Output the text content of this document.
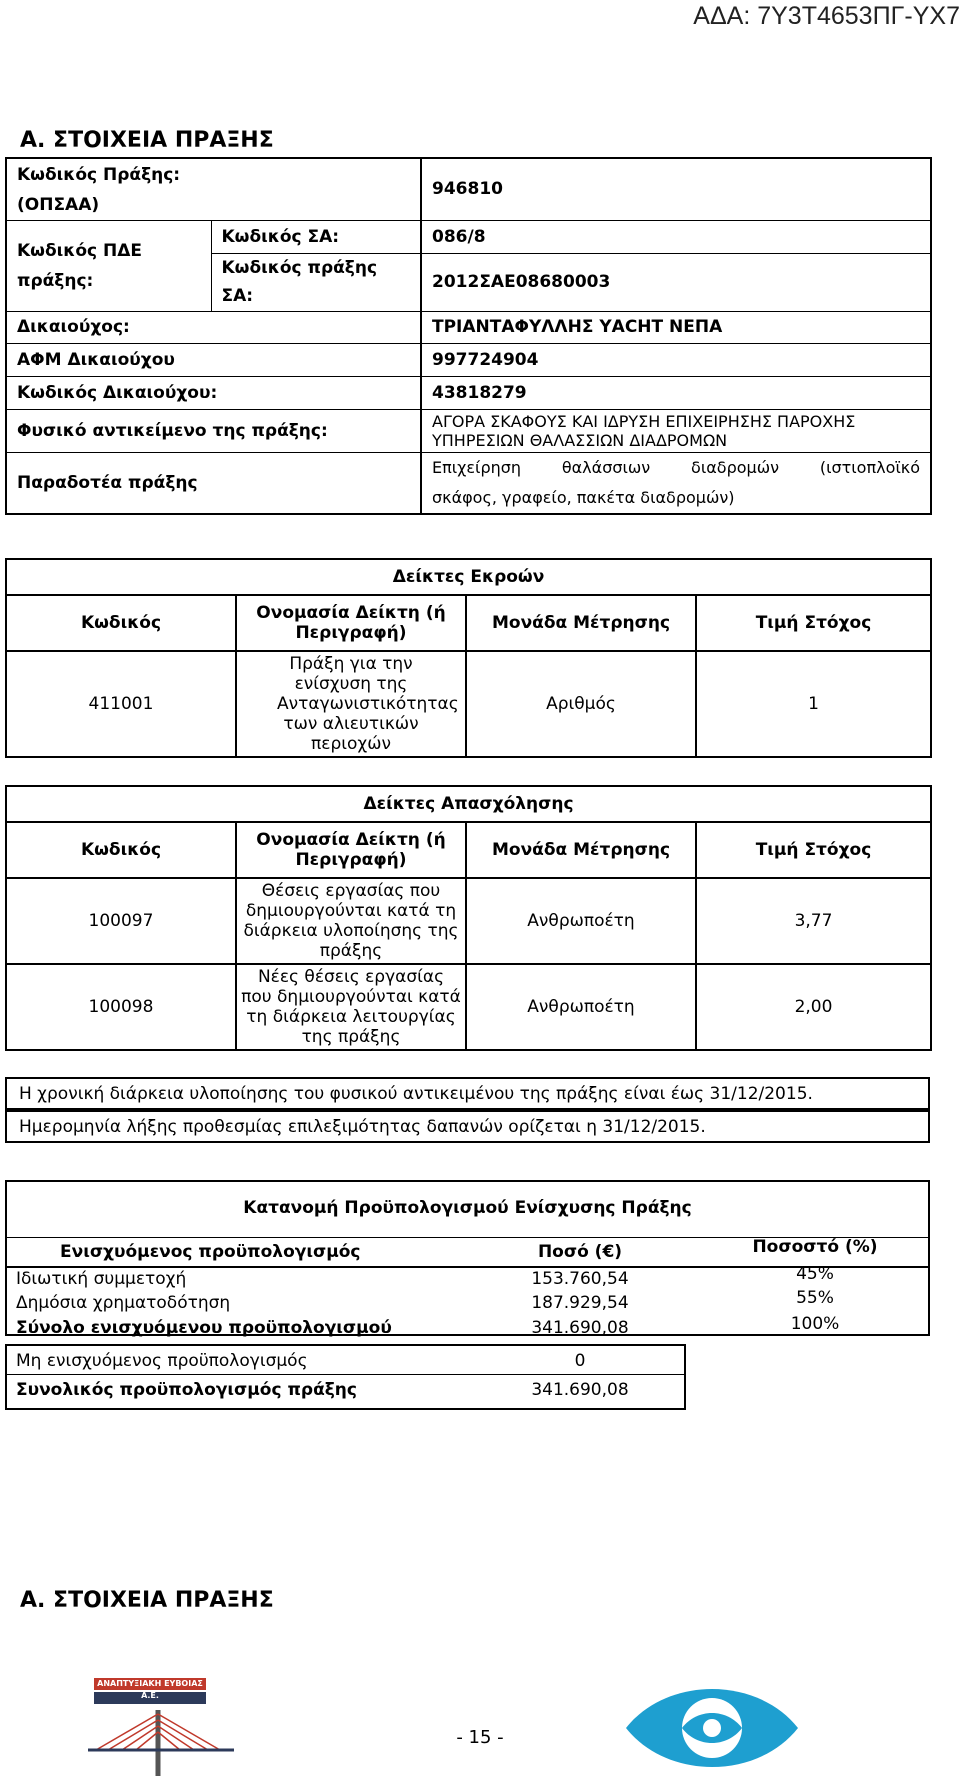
ΑΔΑ: 7Υ3Τ4653ΠΓ-ΥΧ7
Α. ΣΤΟΙΧΕΙΑ ΠΡΑΞΗΣ
Κωδικός Πράξης:		946810
(ΟΠΣΑΑ)		

Κωδικός ΠΔΕ
πράξης:	Κωδικός ΣΑ:	086/8

	Κωδικός πράξης
ΣΑ:	2012ΣΑΕ08680003
Δικαιούχος:		ΤΡΙΑΝΤΑΦΥΛΛΗΣ ΥΑCHT ΝΕΠΑ
ΑΦΜ Δικαιούχου		997724904
Κωδικός Δικαιούχου:		43818279
Φυσικό αντικείμενο της πράξης:		ΑΓΟΡΑ ΣΚΑΦΟΥΣ ΚΑΙ ΙΔΡΥΣΗ ΕΠΙΧΕΙΡΗΣΗΣ ΠΑΡΟΧΗΣ
ΥΠΗΡΕΣΙΩΝ ΘΑΛΑΣΣΙΩΝ ΔΙΑΔΡΟΜΩΝ

Παραδοτέα πράξης		Επιχείρηση θαλάσσιων διαδρομών (ιστιοπλοϊκό
σκάφος, γραφείο, πακέτα διαδρομών)
Δείκτες Εκροών			
Κωδικός	Ονομασία Δείκτη (ή Περιγραφή)	Μονάδα Μέτρησης	Τιμή Στόχος
411001	Πράξη για την ενίσχυση της Ανταγωνιστικότητας των αλιευτικών περιοχών	Αριθμός	1
Δείκτες Απασχόλησης			
Κωδικός	Ονομασία Δείκτη (ή Περιγραφή)	Μονάδα Μέτρησης	Τιμή Στόχος
100097	Θέσεις εργασίας που δημιουργούνται κατά τη διάρκεια υλοποίησης της πράξης	Ανθρωποέτη	3,77
100098	Νέες θέσεις εργασίας που δημιουργούνται κατά τη διάρκεια λειτουργίας της πράξης	Ανθρωποέτη	2,00
Η χρονική διάρκεια υλοποίησης του φυσικού αντικειμένου της πράξης είναι έως 31/12/2015.
Ημερομηνία λήξης προθεσμίας επιλεξιμότητας δαπανών ορίζεται η 31/12/2015.
Κατανομή Προϋπολογισμού Ενίσχυσης Πράξης
Ενισχυόμενος προϋπολογισμός	Ποσό (€)	Ποσοστό (%)
Ιδιωτική συμμετοχή	153.760,54	45%
Δημόσια χρηματοδότηση	187.929,54	55%
Σύνολο ενισχυόμενου προϋπολογισμού	341.690,08	100%
Μη ενισχυόμενος προϋπολογισμός	0
Συνολικός προϋπολογισμός πράξης	341.690,08
Α. ΣΤΟΙΧΕΙΑ ΠΡΑΞΗΣ
ΑΝΑΠΤΥΞΙΑΚΗ ΕΥΒΟΙΑΣ Α.Ε.
- 15 -
